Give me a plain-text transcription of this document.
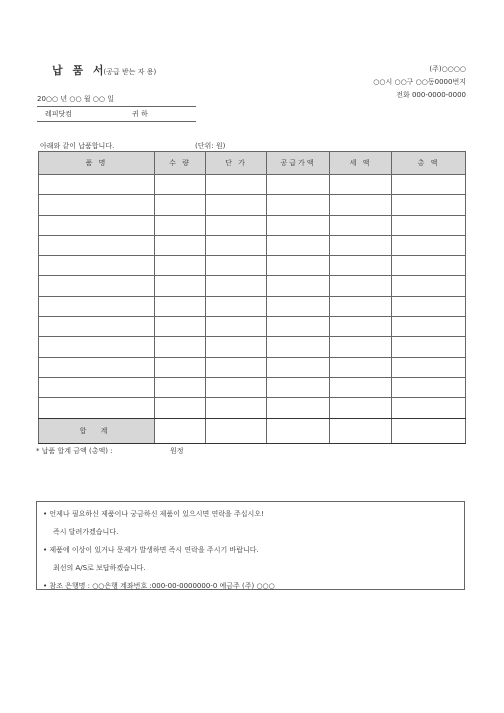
납 품 서(공급 받는 자 용)	(주)○○○○
○○시 ○○구 ○○동0000번지
전화 000-0000-0000
20○○ 년 ○○ 월 ○○ 일
레피닷컴	귀 하
아래와 같이 납품합니다.	(단위: 원)
품 명	수 량	단 가	공급가액	세 액	총 액

합 계					
* 납품 합계 금액 (총액) :	원정
• 언제나 필요하신 제품이나 궁금하신 제품이 있으시면 연락을 주십시오!
즉시 달려가겠습니다.
• 제품에 이상이 있거나 문제가 발생하면 즉시 연락을 주시기 바랍니다.
최선의 A/S로 보답하겠습니다.
• 참조 은행명 : ○○은행 계좌번호 :000-00-0000000-0 예금주 (주) ○○○
